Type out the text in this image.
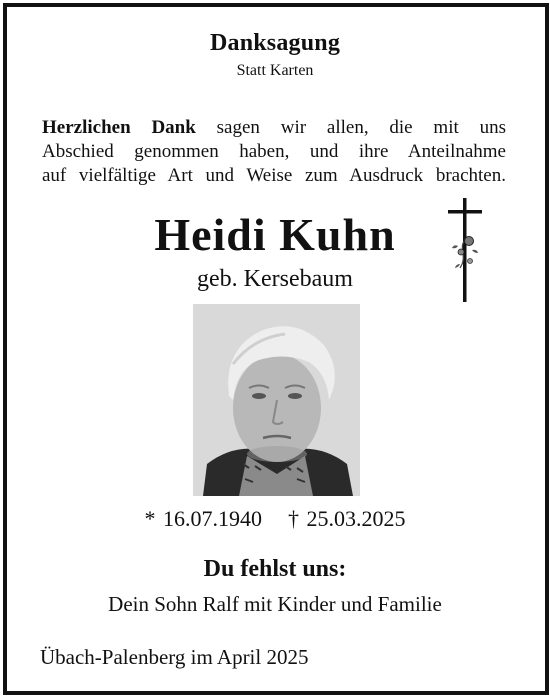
Danksagung
Statt Karten
Herzlichen Dank sagen wir allen, die mit uns
Abschied genommen haben, und ihre Anteilnahme
auf vielfältige Art und Weise zum Ausdruck brachten.
Heidi Kuhn
geb. Kersebaum
* 16.07.1940 † 25.03.2025
Du fehlst uns:
Dein Sohn Ralf mit Kinder und Familie
Übach-Palenberg im April 2025
